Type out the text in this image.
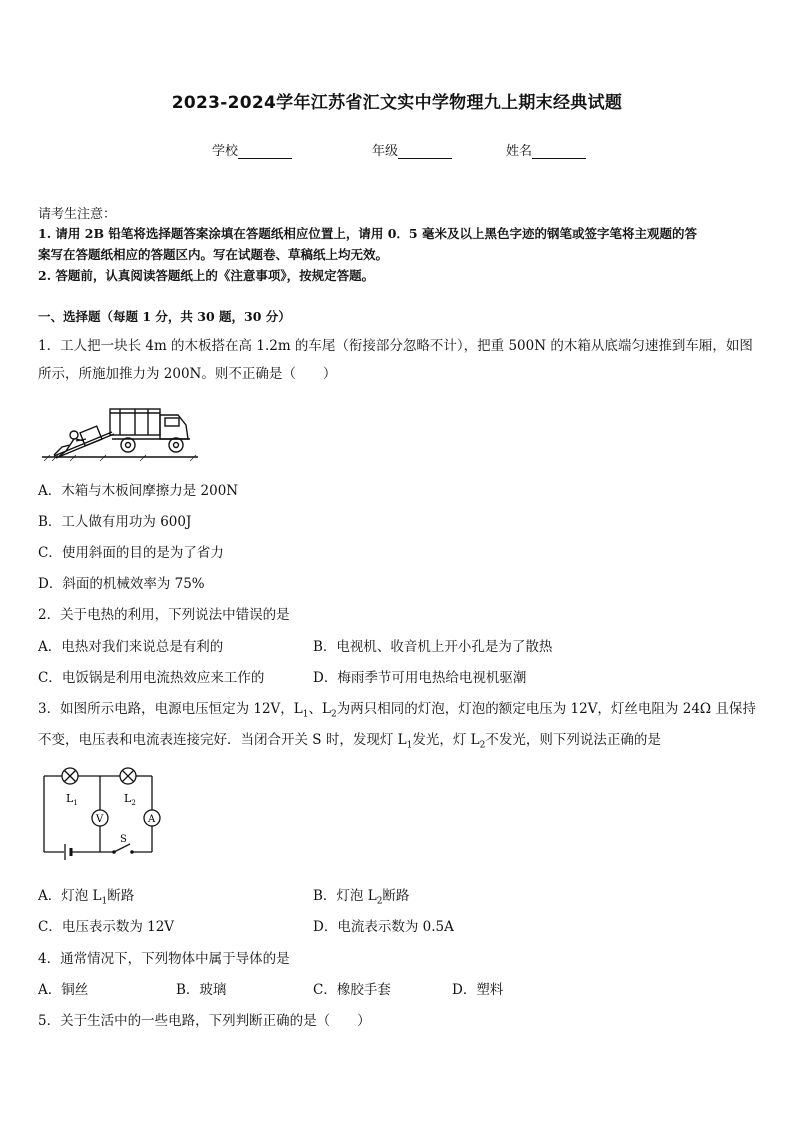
2023-2024学年江苏省汇文实中学物理九上期末经典试题
学校	年级	姓名
请考生注意：
1. 请用 2B 铅笔将选择题答案涂填在答题纸相应位置上，请用 0．5 毫米及以上黑色字迹的钢笔或签字笔将主观题的答
案写在答题纸相应的答题区内。写在试题卷、草稿纸上均无效。
2. 答题前，认真阅读答题纸上的《注意事项》，按规定答题。
一、选择题（每题 1 分，共 30 题，30 分）
1．工人把一块长 4m 的木板搭在高 1.2m 的车尾（衔接部分忽略不计），把重 500N 的木箱从底端匀速推到车厢，如图
所示，所施加推力为 200N。则不正确是（　　）
A．木箱与木板间摩擦力是 200N
B．工人做有用功为 600J
C．使用斜面的目的是为了省力
D．斜面的机械效率为 75%
2．关于电热的利用，下列说法中错误的是
A．电热对我们来说总是有利的	B．电视机、收音机上开小孔是为了散热
C．电饭锅是利用电流热效应来工作的	D．梅雨季节可用电热给电视机驱潮
3．如图所示电路，电源电压恒定为 12V，$L_1$、$L_2$为两只相同的灯泡，灯泡的额定电压为 12V，灯丝电阻为 24Ω 且保持
不变，电压表和电流表连接完好．当闭合开关 S 时，发现灯 $L_1$发光，灯 $L_2$不发光，则下列说法正确的是
$L_1$	$L_2$
V	A
S
A．灯泡 $L_1$断路	B．灯泡 $L_2$断路
C．电压表示数为 12V	D．电流表示数为 0.5A
4．通常情况下，下列物体中属于导体的是
A．铜丝	B．玻璃	C．橡胶手套	D．塑料
5．关于生活中的一些电路，下列判断正确的是（　　）
